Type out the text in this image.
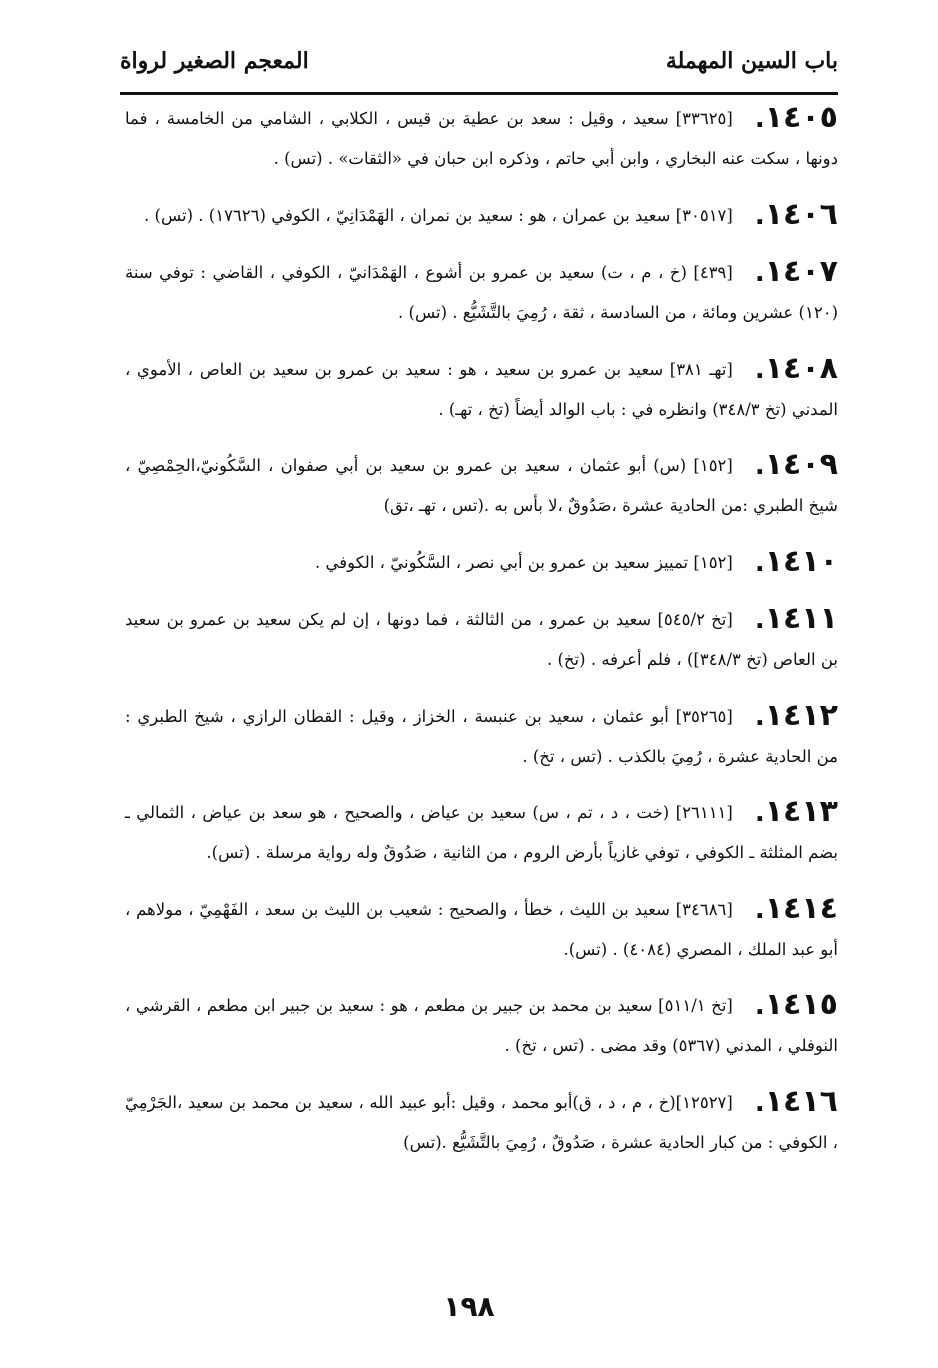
باب السين المهملة
المعجم الصغير لرواة

١٤٠٥.[٣٣٦٢٥] سعيد ، وقيل : سعد بن عطية بن قيس ، الكلابي ، الشامي من الخامسة ، فما دونها ، سكت عنه البخاري ، وابن أبي حاتم ، وذكره ابن حبان في «الثقات» . (تس) .

١٤٠٦.[٣٠٥١٧] سعيد بن عمران ، هو : سعيد بن نمران ، الهَمْدَانِيّ ، الكوفي (١٧٦٢٦) . (تس) .

١٤٠٧.[٤٣٩] (خ ، م ، ت) سعيد بن عمرو بن أشوع ، الهَمْدَانيّ ، الكوفي ، القاضي : توفي سنة (١٢٠) عشرين ومائة ، من السادسة ، ثقة ، رُمِيَ بالتَّشَيُّع . (تس) .

١٤٠٨.[تهـ ٣٨١] سعيد بن عمرو بن سعيد ، هو : سعيد بن عمرو بن سعيد بن العاص ، الأموي ، المدني (تخ ٣٤٨/٣) وانظره في : باب الوالد أيضاً (تخ ، تهـ) .

١٤٠٩.[١٥٢] (س) أبو عثمان ، سعيد بن عمرو بن سعيد بن أبي صفوان ، السَّكُونيّ،الحِمْصِيّ ، شيخ الطبري :من الحادية عشرة ،صَدُوقٌ ،لا بأس به .(تس ، تهـ ،تق)

١٤١٠.[١٥٢] تمييز سعيد بن عمرو بن أبي نصر ، السَّكُونيّ ، الكوفي .

١٤١١.[تخ ٥٤٥/٢] سعيد بن عمرو ، من الثالثة ، فما دونها ، إن لم يكن سعيد بن عمرو بن سعيد بن العاص (تخ ٣٤٨/٣]) ، فلم أعرفه . (تخ) .

١٤١٢.[٣٥٢٦٥] أبو عثمان ، سعيد بن عنبسة ، الخزاز ، وقيل : القطان الرازي ، شيخ الطبري : من الحادية عشرة ، رُمِيَ بالكذب . (تس ، تخ) .

١٤١٣.[٢٦١١١] (خت ، د ، تم ، س) سعيد بن عياض ، والصحيح ، هو سعد بن عياض ، الثمالي ـ بضم المثلثة ـ الكوفي ، توفي غازياً بأرض الروم ، من الثانية ، صَدُوقٌ وله رواية مرسلة . (تس).

١٤١٤.[٣٤٦٨٦] سعيد بن الليث ، خطأ ، والصحيح : شعيب بن الليث بن سعد ، الفَهْمِيّ ، مولاهم ، أبو عبد الملك ، المصري (٤٠٨٤) . (تس).

١٤١٥.[تخ ٥١١/١] سعيد بن محمد بن جبير بن مطعم ، هو : سعيد بن جبير ابن مطعم ، القرشي ، النوفلي ، المدني (٥٣٦٧) وقد مضى . (تس ، تخ) .

١٤١٦.[١٢٥٢٧](خ ، م ، د ، ق)أبو محمد ، وقيل :أبو عبيد الله ، سعيد بن محمد بن سعيد ،الجَرْمِيّ ، الكوفي : من كبار الحادية عشرة ، صَدُوقٌ ، رُمِيَ بالتَّشَيُّع .(تس)

١٩٨
